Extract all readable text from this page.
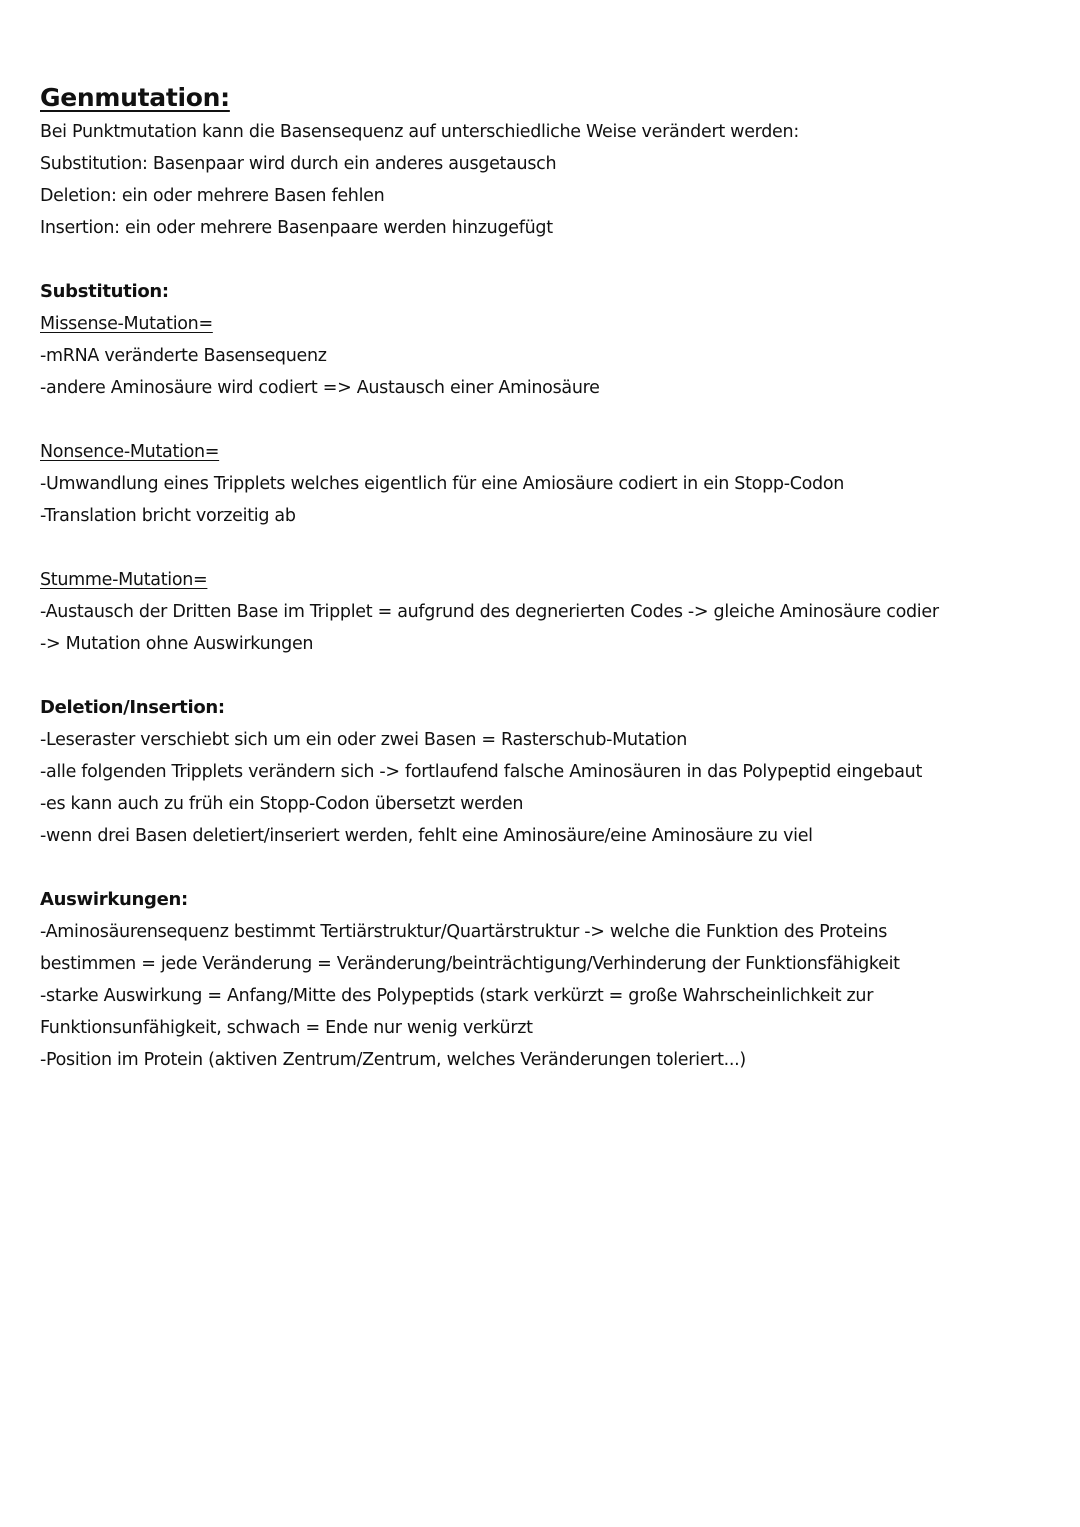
Genmutation:
Bei Punktmutation kann die Basensequenz auf unterschiedliche Weise verändert werden:
Substitution: Basenpaar wird durch ein anderes ausgetausch
Deletion: ein oder mehrere Basen fehlen
Insertion: ein oder mehrere Basenpaare werden hinzugefügt
Substitution:
Missense-Mutation=
-mRNA veränderte Basensequenz
-andere Aminosäure wird codiert => Austausch einer Aminosäure
Nonsence-Mutation=
-Umwandlung eines Tripplets welches eigentlich für eine Amiosäure codiert in ein Stopp-Codon
-Translation bricht vorzeitig ab
Stumme-Mutation=
-Austausch der Dritten Base im Tripplet = aufgrund des degnerierten Codes -> gleiche Aminosäure codier -> Mutation ohne Auswirkungen
Deletion/Insertion:
-Leseraster verschiebt sich um ein oder zwei Basen = Rasterschub-Mutation
-alle folgenden Tripplets verändern sich -> fortlaufend falsche Aminosäuren in das Polypeptid eingebaut
-es kann auch zu früh ein Stopp-Codon übersetzt werden
-wenn drei Basen deletiert/inseriert werden, fehlt eine Aminosäure/eine Aminosäure zu viel
Auswirkungen:
-Aminosäurensequenz bestimmt Tertiärstruktur/Quartärstruktur -> welche die Funktion des Proteins bestimmen = jede Veränderung = Veränderung/beinträchtigung/Verhinderung der Funktionsfähigkeit
-starke Auswirkung = Anfang/Mitte des Polypeptids (stark verkürzt = große Wahrscheinlichkeit zur Funktionsunfähigkeit, schwach = Ende nur wenig verkürzt
-Position im Protein (aktiven Zentrum/Zentrum, welches Veränderungen toleriert...)
